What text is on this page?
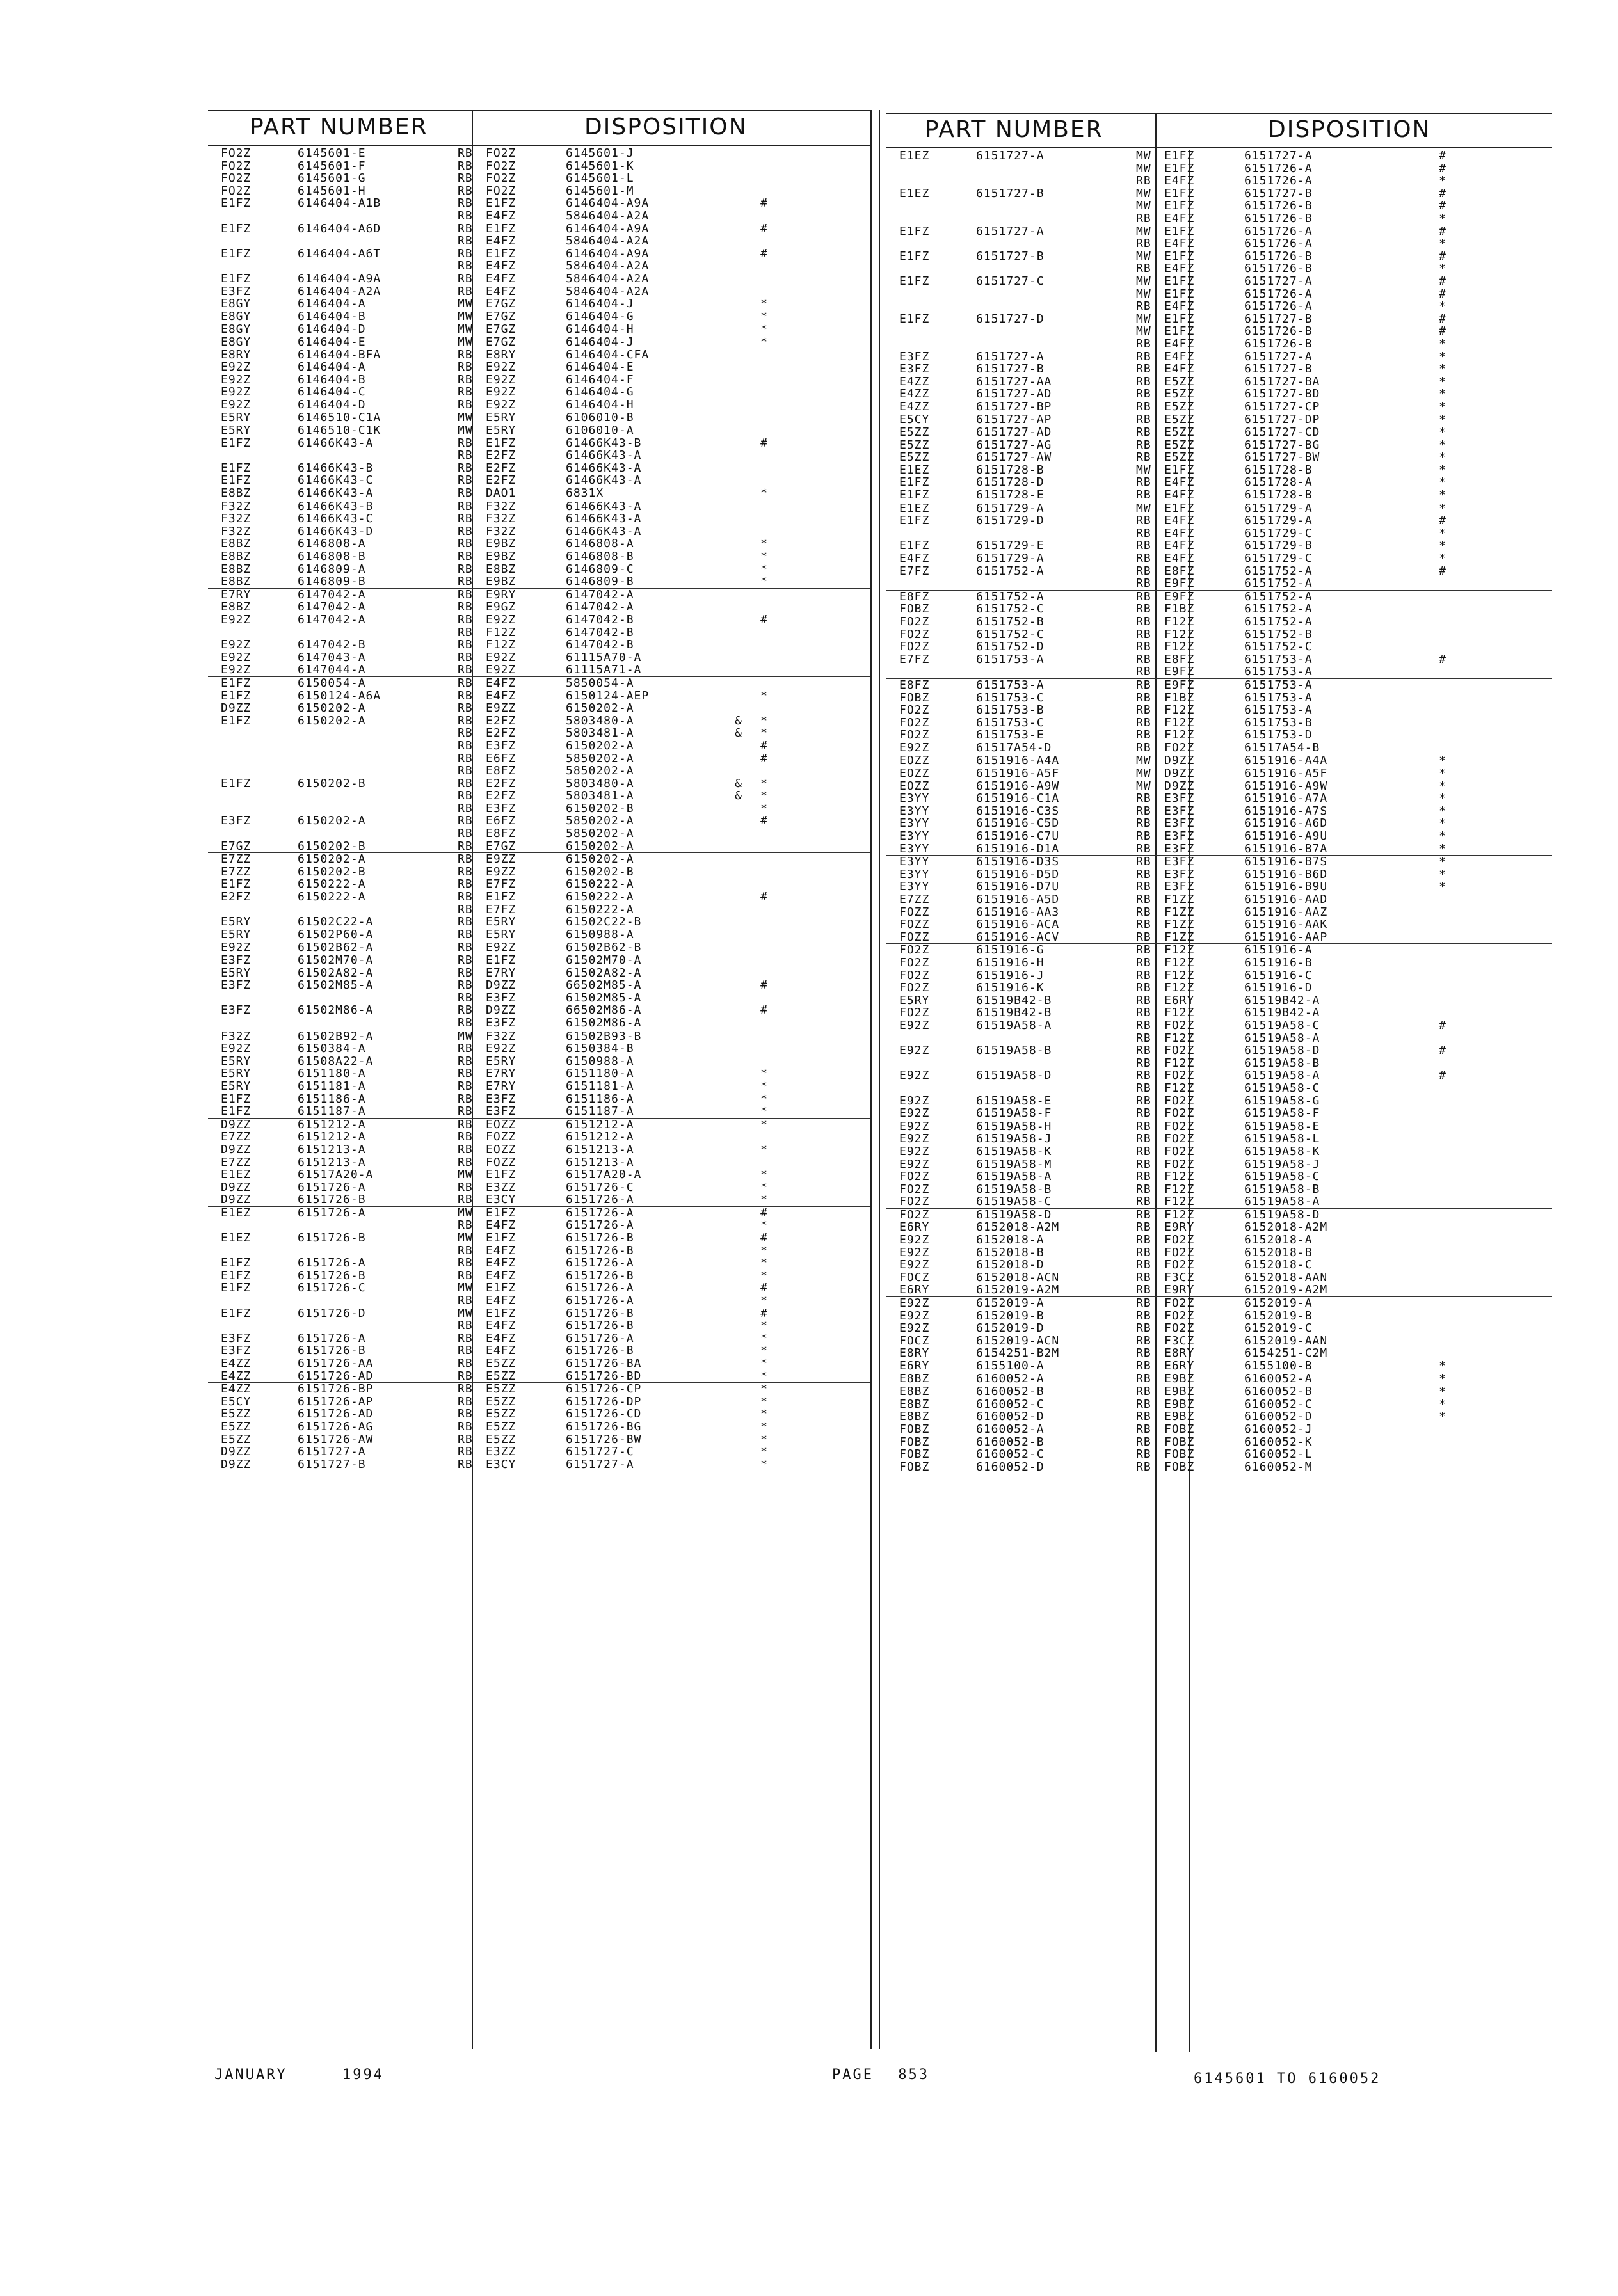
PART NUMBER	DISPOSITION	PART NUMBER	DISPOSITION
FO2Z	6145601-E	RB	FO2Z	6145601-J
FO2Z	6145601-F	RB	FO2Z	6145601-K
FO2Z	6145601-G	RB	FO2Z	6145601-L
FO2Z	6145601-H	RB	FO2Z	6145601-M
E1FZ	6146404-A1B	RB	E1FZ	6146404-A9A	#
RB	E4FZ	5846404-A2A
E1FZ	6146404-A6D	RB	E1FZ	6146404-A9A	#
RB	E4FZ	5846404-A2A
E1FZ	6146404-A6T	RB	E1FZ	6146404-A9A	#
RB	E4FZ	5846404-A2A
E1FZ	6146404-A9A	RB	E4FZ	5846404-A2A
E3FZ	6146404-A2A	RB	E4FZ	5846404-A2A
E8GY	6146404-A	MW	E7GZ	6146404-J	*
E8GY	6146404-B	MW	E7GZ	6146404-G	*
E8GY	6146404-D	MW	E7GZ	6146404-H	*
E8GY	6146404-E	MW	E7GZ	6146404-J	*
E8RY	6146404-BFA	RB	E8RY	6146404-CFA
E92Z	6146404-A	RB	E92Z	6146404-E
E92Z	6146404-B	RB	E92Z	6146404-F
E92Z	6146404-C	RB	E92Z	6146404-G
E92Z	6146404-D	RB	E92Z	6146404-H
E5RY	6146510-C1A	MW	E5RY	6106010-B
E5RY	6146510-C1K	MW	E5RY	6106010-A
E1FZ	61466K43-A	RB	E1FZ	61466K43-B	#
RB	E2FZ	61466K43-A
E1FZ	61466K43-B	RB	E2FZ	61466K43-A
E1FZ	61466K43-C	RB	E2FZ	61466K43-A
E8BZ	61466K43-A	RB	DAO1	6831X	*
F32Z	61466K43-B	RB	F32Z	61466K43-A
F32Z	61466K43-C	RB	F32Z	61466K43-A
F32Z	61466K43-D	RB	F32Z	61466K43-A
E8BZ	6146808-A	RB	E9BZ	6146808-A	*
E8BZ	6146808-B	RB	E9BZ	6146808-B	*
E8BZ	6146809-A	RB	E8BZ	6146809-C	*
E8BZ	6146809-B	RB	E9BZ	6146809-B	*
E7RY	6147042-A	RB	E9RY	6147042-A
E8BZ	6147042-A	RB	E9GZ	6147042-A
E92Z	6147042-A	RB	E92Z	6147042-B	#
RB	F12Z	6147042-B
E92Z	6147042-B	RB	F12Z	6147042-B
E92Z	6147043-A	RB	E92Z	61115A70-A
E92Z	6147044-A	RB	E92Z	61115A71-A
E1FZ	6150054-A	RB	E4FZ	5850054-A
E1FZ	6150124-A6A	RB	E4FZ	6150124-AEP	*
D9ZZ	6150202-A	RB	E9ZZ	6150202-A
E1FZ	6150202-A	RB	E2FZ	5803480-A	&	*
RB	E2FZ	5803481-A	&	*
RB	E3FZ	6150202-A	#
RB	E6FZ	5850202-A	#
RB	E8FZ	5850202-A
E1FZ	6150202-B	RB	E2FZ	5803480-A	&	*
RB	E2FZ	5803481-A	&	*
RB	E3FZ	6150202-B	*
E3FZ	6150202-A	RB	E6FZ	5850202-A	#
RB	E8FZ	5850202-A
E7GZ	6150202-B	RB	E7GZ	6150202-A
E7ZZ	6150202-A	RB	E9ZZ	6150202-A
E7ZZ	6150202-B	RB	E9ZZ	6150202-B
E1FZ	6150222-A	RB	E7FZ	6150222-A
E2FZ	6150222-A	RB	E1FZ	6150222-A	#
RB	E7FZ	6150222-A
E5RY	61502C22-A	RB	E5RY	61502C22-B
E5RY	61502P60-A	RB	E5RY	6150988-A
E92Z	61502B62-A	RB	E92Z	61502B62-B
E3FZ	61502M70-A	RB	E1FZ	61502M70-A
E5RY	61502A82-A	RB	E7RY	61502A82-A
E3FZ	61502M85-A	RB	D9ZZ	66502M85-A	#
RB	E3FZ	61502M85-A
E3FZ	61502M86-A	RB	D9ZZ	66502M86-A	#
RB	E3FZ	61502M86-A
F32Z	61502B92-A	MW	F32Z	61502B93-B
E92Z	6150384-A	RB	E92Z	6150384-B
E5RY	61508A22-A	RB	E5RY	6150988-A
E5RY	6151180-A	RB	E7RY	6151180-A	*
E5RY	6151181-A	RB	E7RY	6151181-A	*
E1FZ	6151186-A	RB	E3FZ	6151186-A	*
E1FZ	6151187-A	RB	E3FZ	6151187-A	*
D9ZZ	6151212-A	RB	EOZZ	6151212-A	*
E7ZZ	6151212-A	RB	FOZZ	6151212-A
D9ZZ	6151213-A	RB	EOZZ	6151213-A	*
E7ZZ	6151213-A	RB	FOZZ	6151213-A
E1EZ	61517A20-A	MW	E1FZ	61517A20-A	*
D9ZZ	6151726-A	RB	E3ZZ	6151726-C	*
D9ZZ	6151726-B	RB	E3CY	6151726-A	*
E1EZ	6151726-A	MW	E1FZ	6151726-A	#
RB	E4FZ	6151726-A	*
E1EZ	6151726-B	MW	E1FZ	6151726-B	#
RB	E4FZ	6151726-B	*
E1FZ	6151726-A	RB	E4FZ	6151726-A	*
E1FZ	6151726-B	RB	E4FZ	6151726-B	*
E1FZ	6151726-C	MW	E1FZ	6151726-A	#
RB	E4FZ	6151726-A	*
E1FZ	6151726-D	MW	E1FZ	6151726-B	#
RB	E4FZ	6151726-B	*
E3FZ	6151726-A	RB	E4FZ	6151726-A	*
E3FZ	6151726-B	RB	E4FZ	6151726-B	*
E4ZZ	6151726-AA	RB	E5ZZ	6151726-BA	*
E4ZZ	6151726-AD	RB	E5ZZ	6151726-BD	*
E4ZZ	6151726-BP	RB	E5ZZ	6151726-CP	*
E5CY	6151726-AP	RB	E5ZZ	6151726-DP	*
E5ZZ	6151726-AD	RB	E5ZZ	6151726-CD	*
E5ZZ	6151726-AG	RB	E5ZZ	6151726-BG	*
E5ZZ	6151726-AW	RB	E5ZZ	6151726-BW	*
D9ZZ	6151727-A	RB	E3ZZ	6151727-C	*
D9ZZ	6151727-B	RB	E3CY	6151727-A	*
E1EZ	6151727-A	MW	E1FZ	6151727-A	#
MW	E1FZ	6151726-A	#
RB	E4FZ	6151726-A	*
E1EZ	6151727-B	MW	E1FZ	6151727-B	#
MW	E1FZ	6151726-B	#
RB	E4FZ	6151726-B	*
E1FZ	6151727-A	MW	E1FZ	6151726-A	#
RB	E4FZ	6151726-A	*
E1FZ	6151727-B	MW	E1FZ	6151726-B	#
RB	E4FZ	6151726-B	*
E1FZ	6151727-C	MW	E1FZ	6151727-A	#
MW	E1FZ	6151726-A	#
RB	E4FZ	6151726-A	*
E1FZ	6151727-D	MW	E1FZ	6151727-B	#
MW	E1FZ	6151726-B	#
RB	E4FZ	6151726-B	*
E3FZ	6151727-A	RB	E4FZ	6151727-A	*
E3FZ	6151727-B	RB	E4FZ	6151727-B	*
E4ZZ	6151727-AA	RB	E5ZZ	6151727-BA	*
E4ZZ	6151727-AD	RB	E5ZZ	6151727-BD	*
E4ZZ	6151727-BP	RB	E5ZZ	6151727-CP	*
E5CY	6151727-AP	RB	E5ZZ	6151727-DP	*
E5ZZ	6151727-AD	RB	E5ZZ	6151727-CD	*
E5ZZ	6151727-AG	RB	E5ZZ	6151727-BG	*
E5ZZ	6151727-AW	RB	E5ZZ	6151727-BW	*
E1EZ	6151728-B	MW	E1FZ	6151728-B	*
E1FZ	6151728-D	RB	E4FZ	6151728-A	*
E1FZ	6151728-E	RB	E4FZ	6151728-B	*
E1EZ	6151729-A	MW	E1FZ	6151729-A	*
E1FZ	6151729-D	RB	E4FZ	6151729-A	#
RB	E4FZ	6151729-C	*
E1FZ	6151729-E	RB	E4FZ	6151729-B	*
E4FZ	6151729-A	RB	E4FZ	6151729-C	*
E7FZ	6151752-A	RB	E8FZ	6151752-A	#
RB	E9FZ	6151752-A
E8FZ	6151752-A	RB	E9FZ	6151752-A
FOBZ	6151752-C	RB	F1BZ	6151752-A
FO2Z	6151752-B	RB	F12Z	6151752-A
FO2Z	6151752-C	RB	F12Z	6151752-B
FO2Z	6151752-D	RB	F12Z	6151752-C
E7FZ	6151753-A	RB	E8FZ	6151753-A	#
RB	E9FZ	6151753-A
E8FZ	6151753-A	RB	E9FZ	6151753-A
FOBZ	6151753-C	RB	F1BZ	6151753-A
FO2Z	6151753-B	RB	F12Z	6151753-A
FO2Z	6151753-C	RB	F12Z	6151753-B
FO2Z	6151753-E	RB	F12Z	6151753-D
E92Z	61517A54-D	RB	FO2Z	61517A54-B
EOZZ	6151916-A4A	MW	D9ZZ	6151916-A4A	*
EOZZ	6151916-A5F	MW	D9ZZ	6151916-A5F	*
EOZZ	6151916-A9W	MW	D9ZZ	6151916-A9W	*
E3YY	6151916-C1A	RB	E3FZ	6151916-A7A	*
E3YY	6151916-C3S	RB	E3FZ	6151916-A7S	*
E3YY	6151916-C5D	RB	E3FZ	6151916-A6D	*
E3YY	6151916-C7U	RB	E3FZ	6151916-A9U	*
E3YY	6151916-D1A	RB	E3FZ	6151916-B7A	*
E3YY	6151916-D3S	RB	E3FZ	6151916-B7S	*
E3YY	6151916-D5D	RB	E3FZ	6151916-B6D	*
E3YY	6151916-D7U	RB	E3FZ	6151916-B9U	*
E7ZZ	6151916-A5D	RB	F1ZZ	6151916-AAD
FOZZ	6151916-AA3	RB	F1ZZ	6151916-AAZ
FOZZ	6151916-ACA	RB	F1ZZ	6151916-AAK
FOZZ	6151916-ACV	RB	F1ZZ	6151916-AAP
FO2Z	6151916-G	RB	F12Z	6151916-A
FO2Z	6151916-H	RB	F12Z	6151916-B
FO2Z	6151916-J	RB	F12Z	6151916-C
FO2Z	6151916-K	RB	F12Z	6151916-D
E5RY	61519B42-B	RB	E6RY	61519B42-A
FO2Z	61519B42-B	RB	F12Z	61519B42-A
E92Z	61519A58-A	RB	FO2Z	61519A58-C	#
RB	F12Z	61519A58-A
E92Z	61519A58-B	RB	FO2Z	61519A58-D	#
RB	F12Z	61519A58-B
E92Z	61519A58-D	RB	FO2Z	61519A58-A	#
RB	F12Z	61519A58-C
E92Z	61519A58-E	RB	FO2Z	61519A58-G
E92Z	61519A58-F	RB	FO2Z	61519A58-F
E92Z	61519A58-H	RB	FO2Z	61519A58-E
E92Z	61519A58-J	RB	FO2Z	61519A58-L
E92Z	61519A58-K	RB	FO2Z	61519A58-K
E92Z	61519A58-M	RB	FO2Z	61519A58-J
FO2Z	61519A58-A	RB	F12Z	61519A58-C
FO2Z	61519A58-B	RB	F12Z	61519A58-B
FO2Z	61519A58-C	RB	F12Z	61519A58-A
FO2Z	61519A58-D	RB	F12Z	61519A58-D
E6RY	6152018-A2M	RB	E9RY	6152018-A2M
E92Z	6152018-A	RB	FO2Z	6152018-A
E92Z	6152018-B	RB	FO2Z	6152018-B
E92Z	6152018-D	RB	FO2Z	6152018-C
FOCZ	6152018-ACN	RB	F3CZ	6152018-AAN
E6RY	6152019-A2M	RB	E9RY	6152019-A2M
E92Z	6152019-A	RB	FO2Z	6152019-A
E92Z	6152019-B	RB	FO2Z	6152019-B
E92Z	6152019-D	RB	FO2Z	6152019-C
FOCZ	6152019-ACN	RB	F3CZ	6152019-AAN
E8RY	6154251-B2M	RB	E8RY	6154251-C2M
E6RY	6155100-A	RB	E6RY	6155100-B	*
E8BZ	6160052-A	RB	E9BZ	6160052-A	*
E8BZ	6160052-B	RB	E9BZ	6160052-B	*
E8BZ	6160052-C	RB	E9BZ	6160052-C	*
E8BZ	6160052-D	RB	E9BZ	6160052-D	*
FOBZ	6160052-A	RB	FOBZ	6160052-J
FOBZ	6160052-B	RB	FOBZ	6160052-K
FOBZ	6160052-C	RB	FOBZ	6160052-L
FOBZ	6160052-D	RB	FOBZ	6160052-M
JANUARY	1994	PAGE 853	6145601 TO 6160052
